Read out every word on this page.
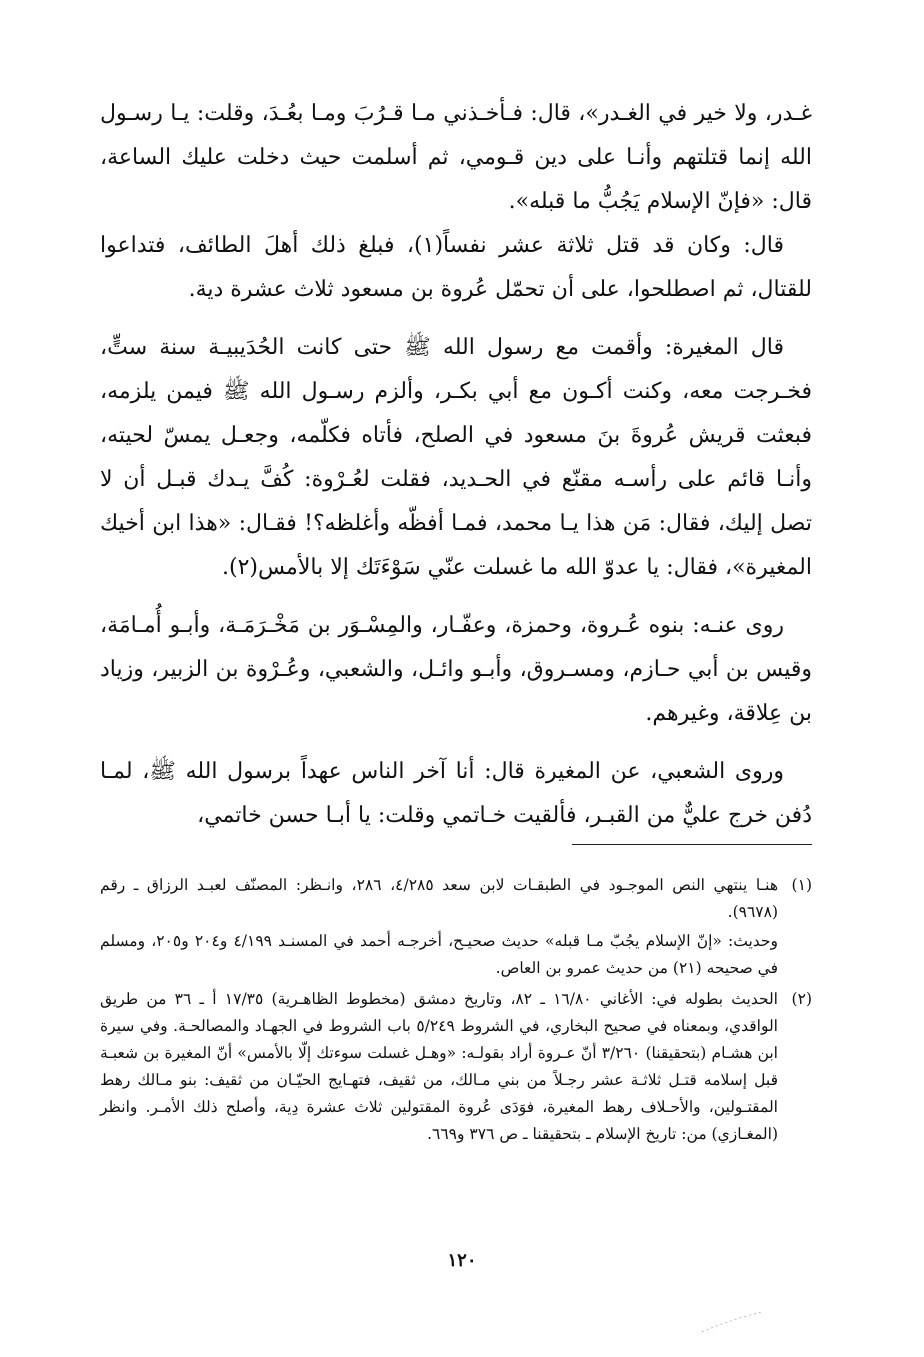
غـدر، ولا خير في الغـدر»، قال: فـأخـذني مـا قـرُبَ ومـا بعُـدَ، وقلت: يـا رسـول الله إنما قتلتهم وأنـا على دين قـومي، ثم أسلمت حيث دخلت عليك الساعة، قال: «فإنّ الإسلام يَجُبُّ ما قبله».

قال: وكان قد قتل ثلاثة عشر نفساً(١)، فبلغ ذلك أهلَ الطائف، فتداعوا للقتال، ثم اصطلحوا، على أن تحمّل عُروة بن مسعود ثلاث عشرة دية.

قال المغيرة: وأقمت مع رسول الله ﷺ حتى كانت الحُدَيبيـة سنة ستٍّ، فخـرجت معه، وكنت أكـون مع أبي بكـر، وألزم رسـول الله ﷺ فيمن يلزمه، فبعثت قريش عُروةَ بنَ مسعود في الصلح، فأتاه فكلّمه، وجعـل يمسّ لحيته، وأنـا قائم على رأسـه مقنّع في الحـديد، فقلت لعُـرْوة: كُفَّ يـدك قبـل أن لا تصل إليك، فقال: مَن هذا يـا محمد، فمـا أفظّه وأغلظه؟! فقـال: «هذا ابن أخيك المغيرة»، فقال: يا عدوّ الله ما غسلت عنّي سَوْءَتَك إلا بالأمس(٢).

روى عنـه: بنوه عُـروة، وحمزة، وعفّـار، والمِسْـوَر بن مَخْـرَمَـة، وأبـو أُمـامَة، وقيس بن أبي حـازم، ومسـروق، وأبـو وائـل، والشعبي، وعُـرْوة بن الزبير، وزياد بن عِلاقة، وغيرهم.

وروى الشعبي، عن المغيرة قال: أنا آخر الناس عهداً برسول الله ﷺ، لمـا دُفن خرج عليٌّ من القبـر، فألقيت خـاتمي وقلت: يا أبـا حسن خاتمي،

(١)

هنـا ينتهي النص الموجـود في الطبقـات لابن سعد ٤/٢٨٥، ٢٨٦، وانـظر: المصنّف لعبـد الرزاق ـ رقم (٩٦٧٨).

وحديث: «إنّ الإسلام يجُبّ مـا قبله» حديث صحيـح، أخرجـه أحمد في المسنـد ٤/١٩٩ و٢٠٤ و٢٠٥، ومسلم في صحيحه (٢١) من حديث عمرو بن العاص.

(٢)

الحديث بطوله في: الأغاني ١٦/٨٠ ـ ٨٢، وتاريخ دمشق (مخطوط الظاهـرية) ١٧/٣٥ أ ـ ٣٦ من طريق الواقدي، وبمعناه في صحيح البخاري، في الشروط ٥/٢٤٩ باب الشروط في الجهـاد والمصالحـة. وفي سيرة ابن هشـام (بتحقيقنا) ٣/٢٦٠ أنّ عـروة أراد بقولـه: «وهـل غسلت سوءتك إلّا بالأمس» أنّ المغيرة بن شعبـة قبل إسلامه قتـل ثلاثـة عشر رجـلاً من بني مـالك، من ثقيف، فتهـايج الحيّـان من ثقيف: بنو مـالك رهط المقتـولين، والأحـلاف رهط المغيرة، فوَدَى عُروة المقتولين ثلاث عشرة دِية، وأصلح ذلك الأمـر. وانظر (المغـازي) من: تاريخ الإسلام ـ بتحقيقنا ـ ص ٣٧٦ و٦٦٩.

١٢٠
